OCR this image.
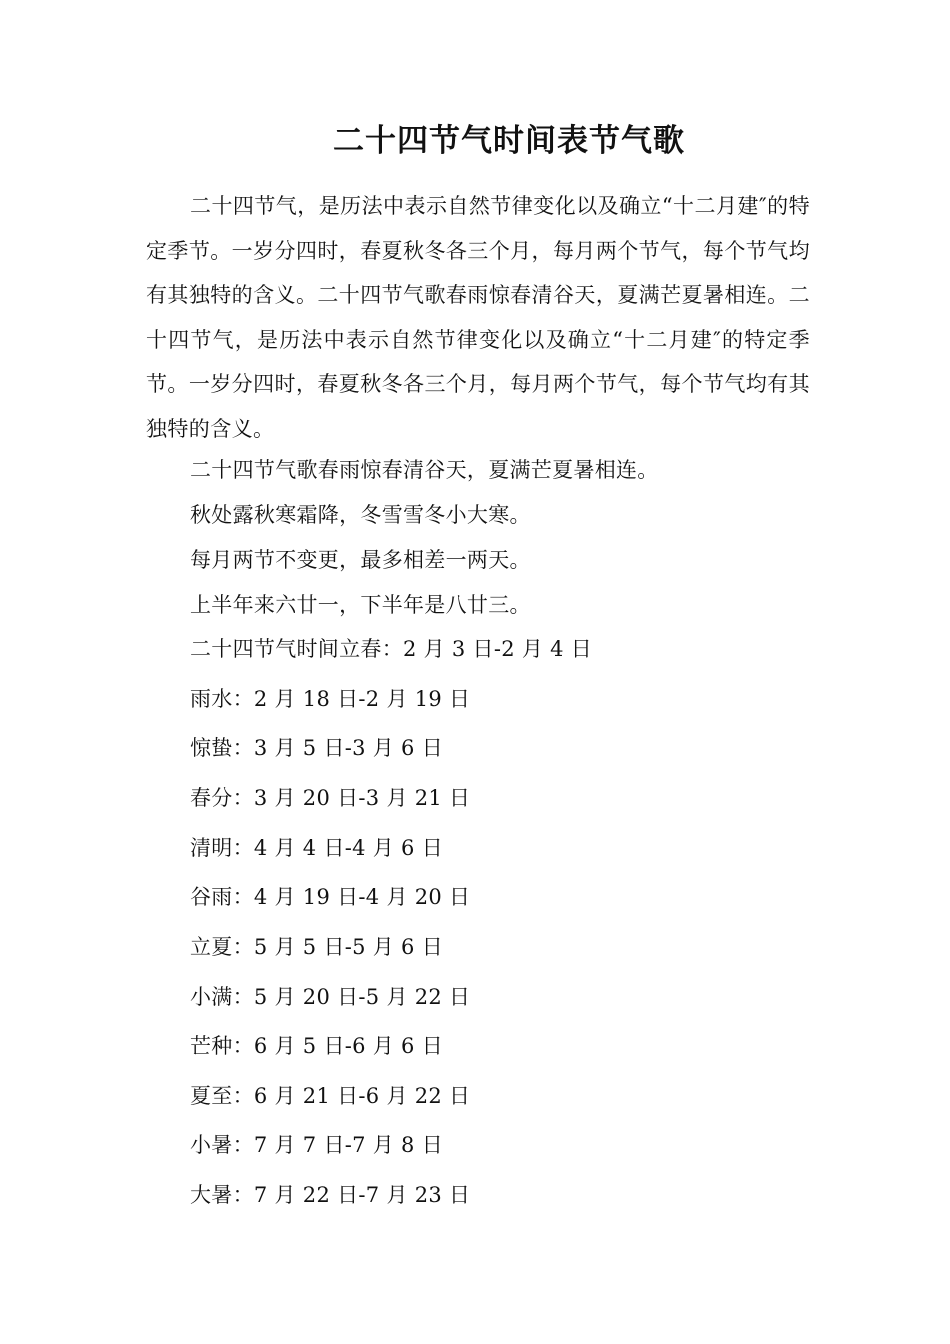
二十四节气时间表节气歌

二十四节气，是历法中表示自然节律变化以及确立“十二月建″的特定季节。一岁分四时，春夏秋冬各三个月，每月两个节气，每个节气均有其独特的含义。二十四节气歌春雨惊春清谷天，夏满芒夏暑相连。二十四节气，是历法中表示自然节律变化以及确立“十二月建″的特定季节。一岁分四时，春夏秋冬各三个月，每月两个节气，每个节气均有其独特的含义。

二十四节气歌春雨惊春清谷天，夏满芒夏暑相连。
秋处露秋寒霜降，冬雪雪冬小大寒。
每月两节不变更，最多相差一两天。
上半年来六廿一，下半年是八廿三。
二十四节气时间立春：2 月 3 日-2 月 4 日
雨水：2 月 18 日-2 月 19 日
惊蛰：3 月 5 日-3 月 6 日
春分：3 月 20 日-3 月 21 日
清明：4 月 4 日-4 月 6 日
谷雨：4 月 19 日-4 月 20 日
立夏：5 月 5 日-5 月 6 日
小满：5 月 20 日-5 月 22 日
芒种：6 月 5 日-6 月 6 日
夏至：6 月 21 日-6 月 22 日
小暑：7 月 7 日-7 月 8 日
大暑：7 月 22 日-7 月 23 日
